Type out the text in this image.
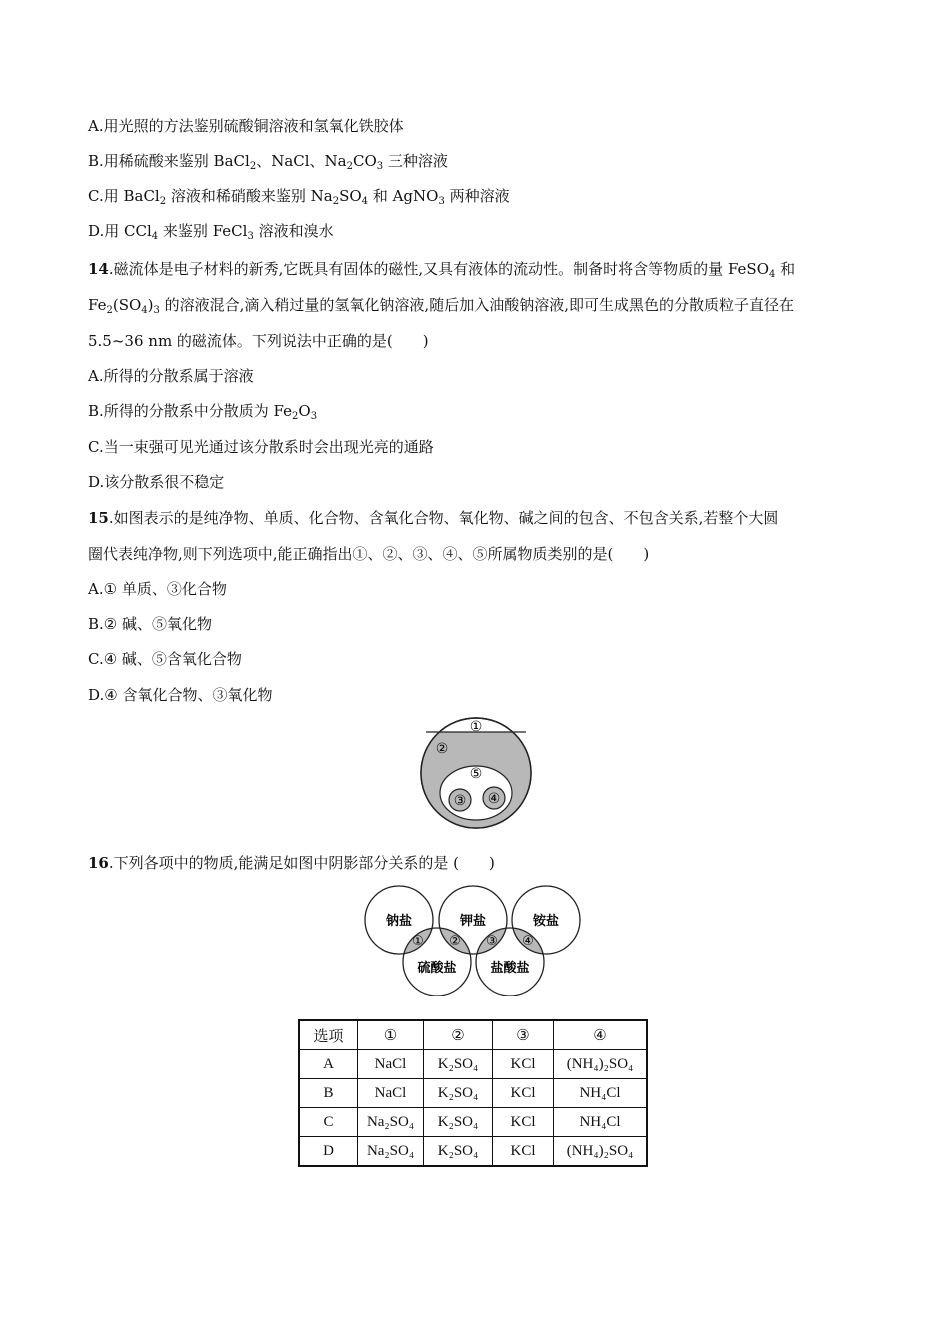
A.用光照的方法鉴别硫酸铜溶液和氢氧化铁胶体
B.用稀硫酸来鉴别 BaCl$_2$、NaCl、$Na_2CO_3$ 三种溶液
C.用 BaCl$_2$ 溶液和稀硝酸来鉴别 $Na_2SO_4$ 和 AgNO$_3$ 两种溶液
D.用 CCl$_4$ 来鉴别 FeCl$_3$ 溶液和溴水
14.磁流体是电子材料的新秀,它既具有固体的磁性,又具有液体的流动性。制备时将含等物质的量 FeSO$_4$ 和
$Fe_2(SO_4)_3$ 的溶液混合,滴入稍过量的氢氧化钠溶液,随后加入油酸钠溶液,即可生成黑色的分散质粒子直径在
5.5~36 nm 的磁流体。下列说法中正确的是(　　)
A.所得的分散系属于溶液
B.所得的分散系中分散质为 $Fe_2O_3$
C.当一束强可见光通过该分散系时会出现光亮的通路
D.该分散系很不稳定
15.如图表示的是纯净物、单质、化合物、含氧化合物、氧化物、碱之间的包含、不包含关系,若整个大圆
圈代表纯净物,则下列选项中,能正确指出①、②、③、④、⑤所属物质类别的是(　　)
A.① 单质、③化合物
B.② 碱、⑤氧化物
C.④ 碱、⑤含氧化合物
D.④ 含氧化合物、③氧化物
①
②
③ ④
⑤
16.下列各项中的物质,能满足如图中阴影部分关系的是 (　　)
钠盐	钾盐	铵盐
硫酸盐	盐酸盐
① ② ③ ④
选项	①	②	③	④
A	NaCl	K₂SO₄	KCl	(NH₄)₂SO₄
B	NaCl	K₂SO₄	KCl	NH₄Cl
C	Na₂SO₄	K₂SO₄	KCl	NH₄Cl
D	Na₂SO₄	K₂SO₄	KCl	(NH₄)₂SO₄
